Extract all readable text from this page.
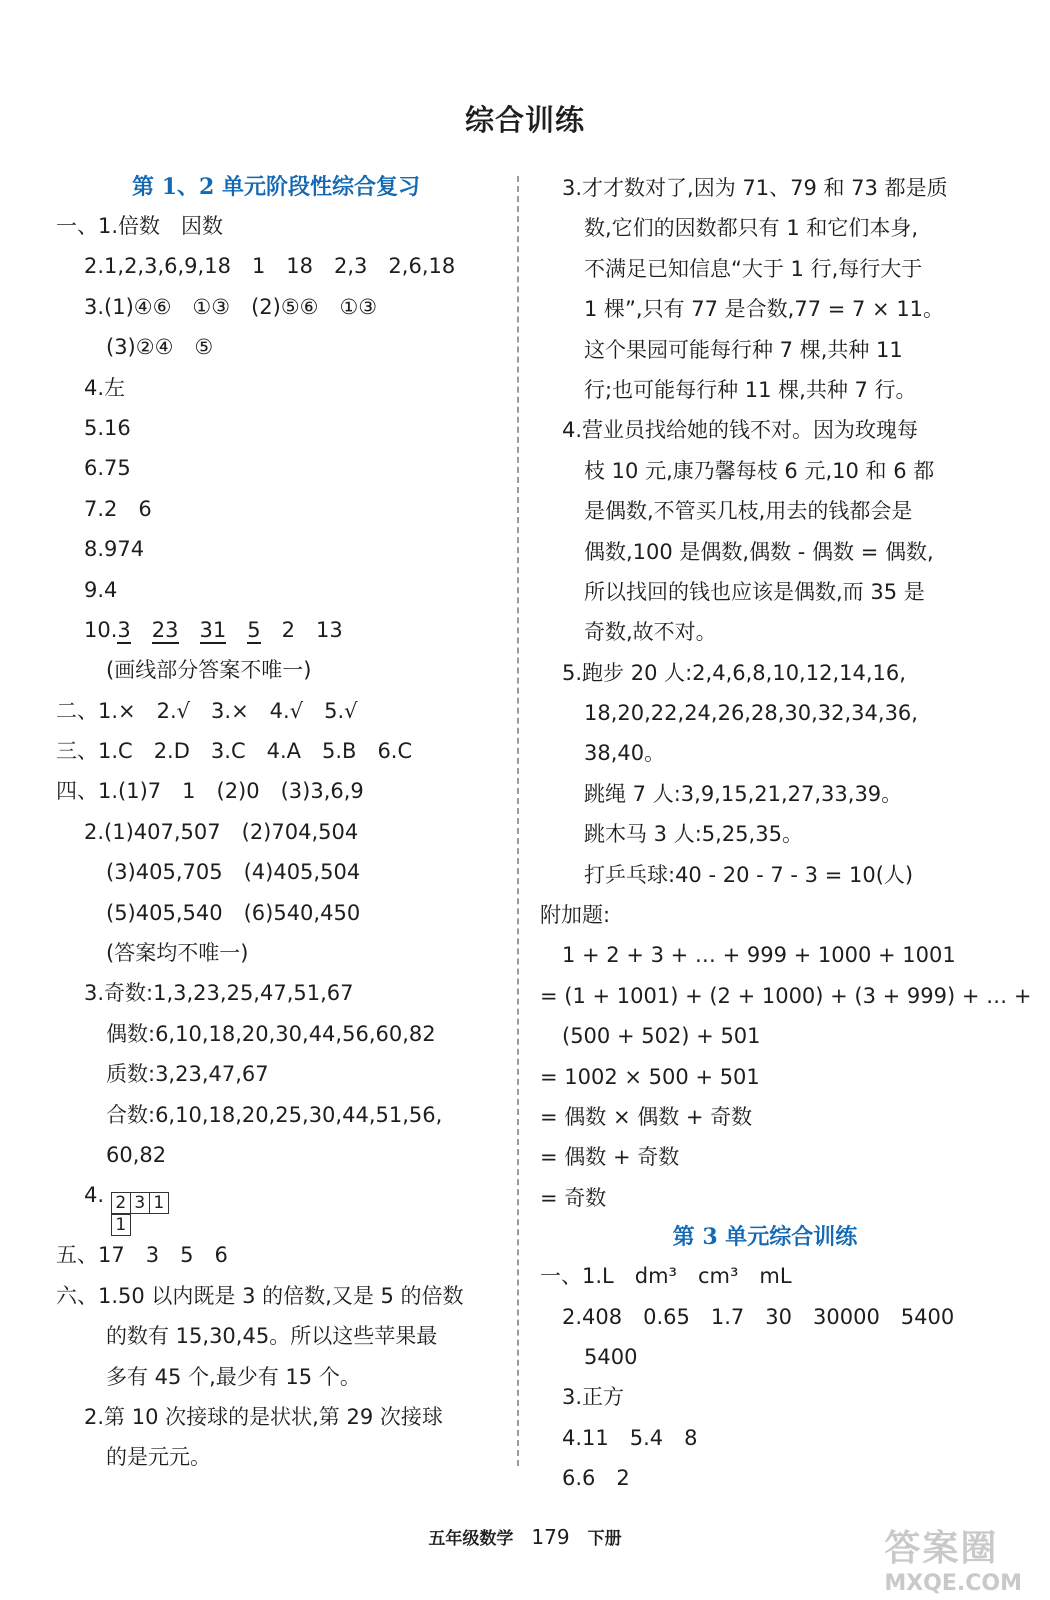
综合训练
第 1、2 单元阶段性综合复习
一、1.倍数　因数
2.1,2,3,6,9,18　1　18　2,3　2,6,18
3.(1)④⑥　①③　(2)⑤⑥　①③
(3)②④　⑤
4.左
5.16
6.75
7.2　6
8.974
9.4
10.3　 23　 31　 5　 2　 13
(画线部分答案不唯一)
二、1.×　2.√　3.×　4.√　5.√
三、1.C　2.D　3.C　4.A　5.B　6.C
四、1.(1)7　1　(2)0　(3)3,6,9
2.(1)407,507　(2)704,504
(3)405,705　(4)405,504
(5)405,540　(6)540,450
(答案均不唯一)
3.奇数:1,3,23,25,47,51,67
偶数:6,10,18,20,30,44,56,60,82
质数:3,23,47,67
合数:6,10,18,20,25,30,44,51,56,
60,82
4. 2 3 1
1
五、17　3　5　6
六、1.50 以内既是 3 的倍数,又是 5 的倍数
的数有 15,30,45。所以这些苹果最
多有 45 个,最少有 15 个。
2.第 10 次接球的是状状,第 29 次接球
的是元元。
3.才才数对了,因为 71、79 和 73 都是质
数,它们的因数都只有 1 和它们本身,
不满足已知信息“大于 1 行,每行大于
1 棵”,只有 77 是合数,77 = 7 × 11。
这个果园可能每行种 7 棵,共种 11
行;也可能每行种 11 棵,共种 7 行。
4.营业员找给她的钱不对。因为玫瑰每
枝 10 元,康乃馨每枝 6 元,10 和 6 都
是偶数,不管买几枝,用去的钱都会是
偶数,100 是偶数,偶数 - 偶数 = 偶数,
所以找回的钱也应该是偶数,而 35 是
奇数,故不对。
5.跑步 20 人:2,4,6,8,10,12,14,16,
18,20,22,24,26,28,30,32,34,36,
38,40。
跳绳 7 人:3,9,15,21,27,33,39。
跳木马 3 人:5,25,35。
打乒乓球:40 - 20 - 7 - 3 = 10(人)
附加题:
1 + 2 + 3 + … + 999 + 1000 + 1001
= (1 + 1001) + (2 + 1000) + (3 + 999) + … +
(500 + 502) + 501
= 1002 × 500 + 501
= 偶数 × 偶数 + 奇数
= 偶数 + 奇数
= 奇数
第 3 单元综合训练
一、1.L　dm³　cm³　mL
2.408　0.65　1.7　30　30000　5400
5400
3.正方
4.11　5.4　8
6.6　2
五年级数学 179 下册	答案圈
MXQE.COM
